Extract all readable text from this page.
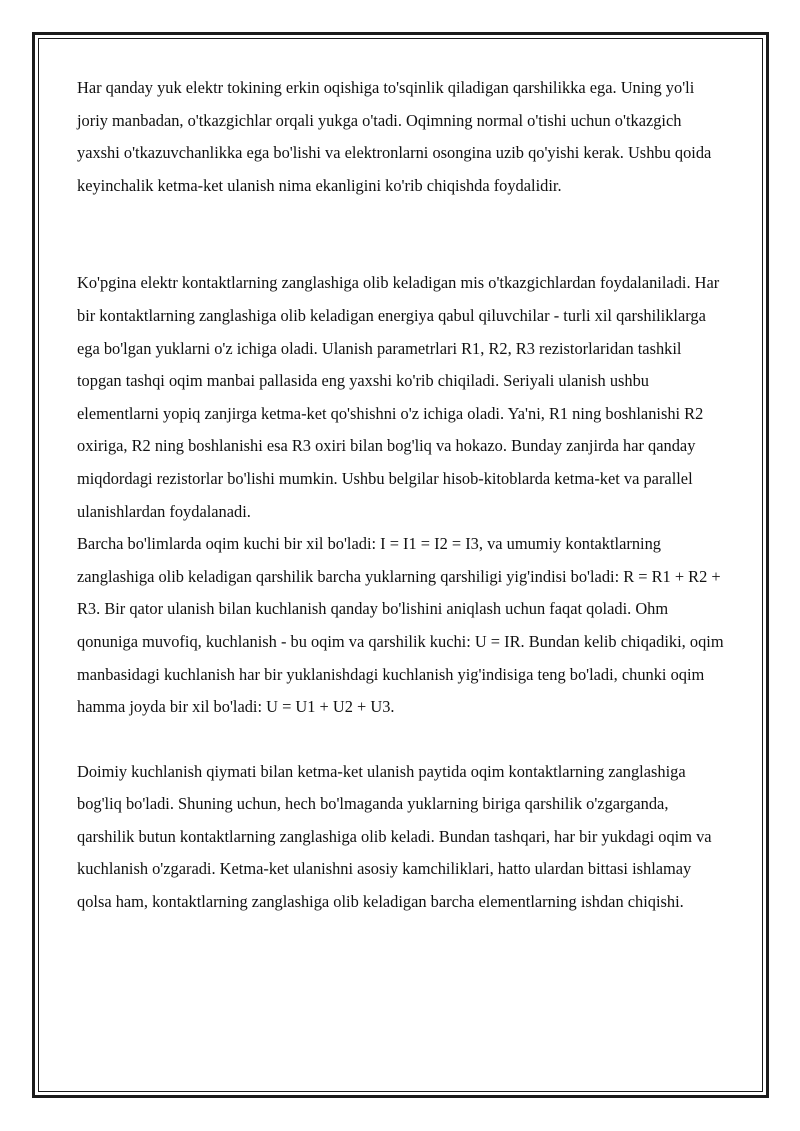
Har qanday yuk elektr tokining erkin oqishiga to'sqinlik qiladigan qarshilikka ega. Uning yo'li joriy manbadan, o'tkazgichlar orqali yukga o'tadi. Oqimning normal o'tishi uchun o'tkazgich yaxshi o'tkazuvchanlikka ega bo'lishi va elektronlarni osongina uzib qo'yishi kerak. Ushbu qoida keyinchalik ketma-ket ulanish nima ekanligini ko'rib chiqishda foydalidir.

Ko'pgina elektr kontaktlarning zanglashiga olib keladigan mis o'tkazgichlardan foydalaniladi. Har bir kontaktlarning zanglashiga olib keladigan energiya qabul qiluvchilar - turli xil qarshiliklarga ega bo'lgan yuklarni o'z ichiga oladi. Ulanish parametrlari R1, R2, R3 rezistorlaridan tashkil topgan tashqi oqim manbai pallasida eng yaxshi ko'rib chiqiladi. Seriyali ulanish ushbu elementlarni yopiq zanjirga ketma-ket qo'shishni o'z ichiga oladi. Ya'ni, R1 ning boshlanishi R2 oxiriga, R2 ning boshlanishi esa R3 oxiri bilan bog'liq va hokazo. Bunday zanjirda har qanday miqdordagi rezistorlar bo'lishi mumkin. Ushbu belgilar hisob-kitoblarda ketma-ket va parallel ulanishlardan foydalanadi.

Barcha bo'limlarda oqim kuchi bir xil bo'ladi: I = I1 = I2 = I3, va umumiy kontaktlarning zanglashiga olib keladigan qarshilik barcha yuklarning qarshiligi yig'indisi bo'ladi: R = R1 + R2 + R3. Bir qator ulanish bilan kuchlanish qanday bo'lishini aniqlash uchun faqat qoladi. Ohm qonuniga muvofiq, kuchlanish - bu oqim va qarshilik kuchi: U = IR. Bundan kelib chiqadiki, oqim manbasidagi kuchlanish har bir yuklanishdagi kuchlanish yig'indisiga teng bo'ladi, chunki oqim hamma joyda bir xil bo'ladi: U = U1 + U2 + U3.

Doimiy kuchlanish qiymati bilan ketma-ket ulanish paytida oqim kontaktlarning zanglashiga bog'liq bo'ladi. Shuning uchun, hech bo'lmaganda yuklarning biriga qarshilik o'zgarganda, qarshilik butun kontaktlarning zanglashiga olib keladi. Bundan tashqari, har bir yukdagi oqim va kuchlanish o'zgaradi. Ketma-ket ulanishni asosiy kamchiliklari, hatto ulardan bittasi ishlamay qolsa ham, kontaktlarning zanglashiga olib keladigan barcha elementlarning ishdan chiqishi.
